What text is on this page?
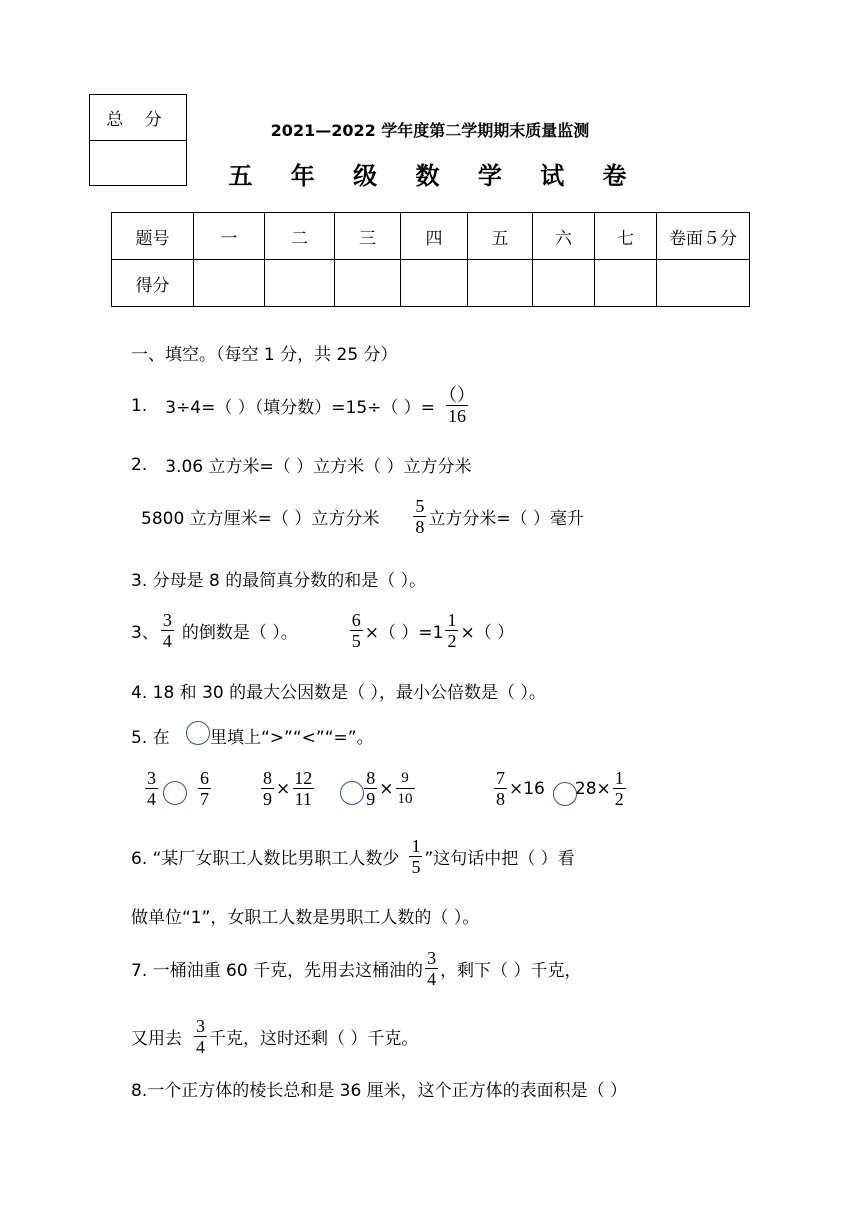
总 分
2021—2022 学年度第二学期期末质量监测
五 年 级 数 学 试 卷
题号	一	二	三	四	五	六	七	卷面５分
得分								
一、填空。（每空 1 分，共 25 分）
1. 3÷4=（ ）（填分数）=15÷（ ）= $\frac{()}{16}$
2. 3.06 立方米=（ ）立方米（ ）立方分米
5800 立方厘米=（ ）立方分米 $\frac{5}{8}$ 立方分米=（ ）毫升
3. 分母是 8 的最简真分数的和是（ ）。
3、 $\frac{3}{4}$ 的倒数是（ ）。	$\frac{6}{5}$ ×（ ）$=1 \frac{1}{2}$ ×（ ）
4. 18 和 30 的最大公因数是（ ），最小公倍数是（ ）。
5. 在 里填上“>”“<”“=”。
$\frac{3}{4} \frac{6}{7}$	$\frac{8}{9} \times \frac{12}{11}$	$\frac{8}{9} \times \frac{9}{10}$	$\frac{7}{8} \times 16$ $28\times \frac{1}{2}$
6. “某厂女职工人数比男职工人数少 $\frac{1}{5}$ ”这句话中把（ ）看
做单位“1”，女职工人数是男职工人数的（ ）。
7. 一桶油重 60 千克，先用去这桶油的 $\frac{3}{4}$ ，剩下（ ）千克，
又用去 $\frac{3}{4}$ 千克，这时还剩（ ）千克。
8.一个正方体的棱长总和是 36 厘米，这个正方体的表面积是（ ）
